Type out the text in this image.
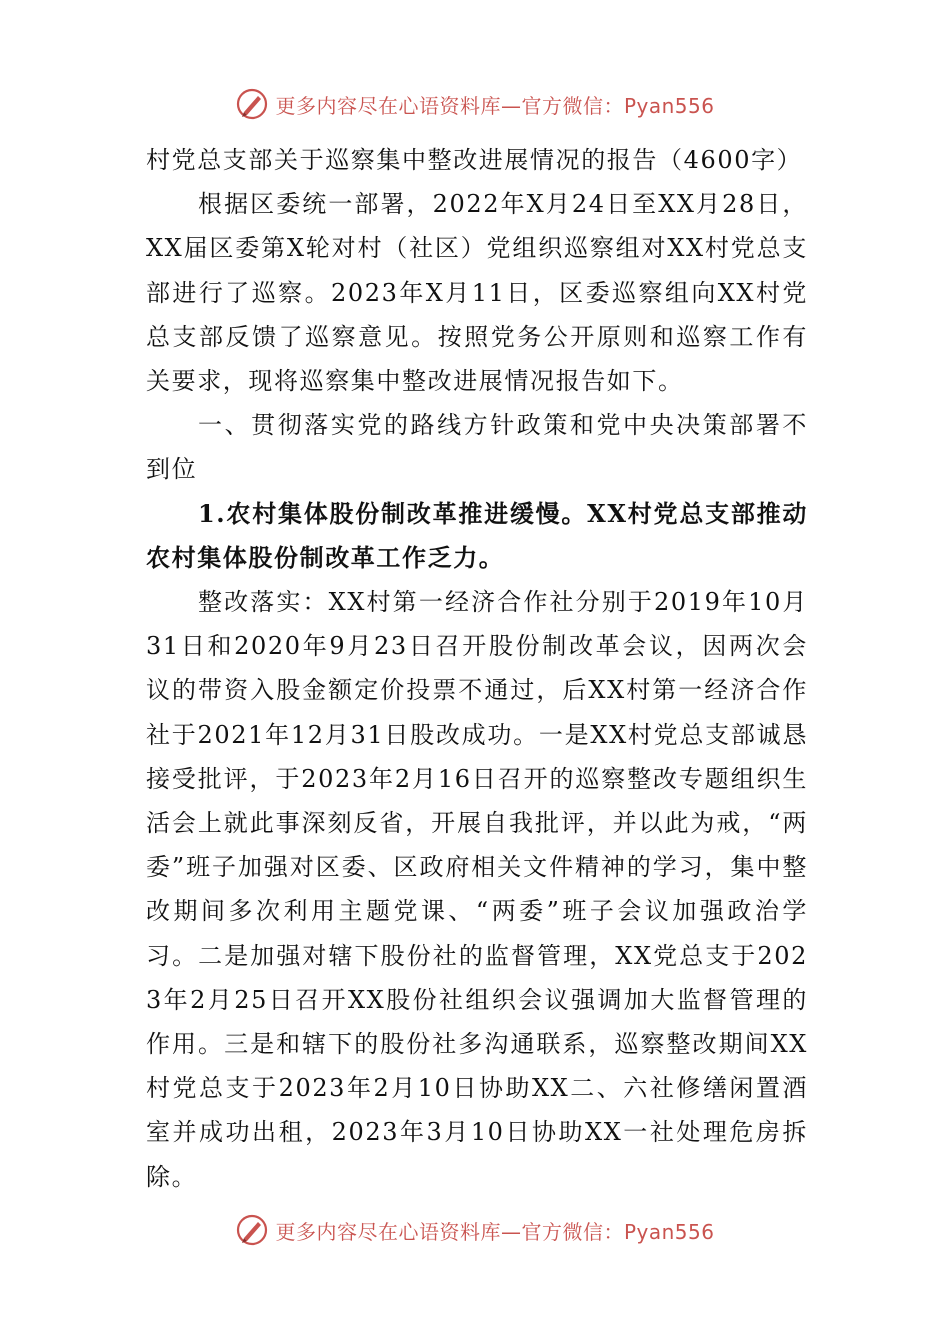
更多内容尽在心语资料库—官方微信：Pyan556

村党总支部关于巡察集中整改进展情况的报告（4600字）

根据区委统一部署，2022年X月24日至XX月28日，XX届区委第X轮对村（社区）党组织巡察组对XX村党总支部进行了巡察。2023年X月11日，区委巡察组向XX村党总支部反馈了巡察意见。按照党务公开原则和巡察工作有关要求，现将巡察集中整改进展情况报告如下。

一、贯彻落实党的路线方针政策和党中央决策部署不到位

1.农村集体股份制改革推进缓慢。XX村党总支部推动农村集体股份制改革工作乏力。

整改落实：XX村第一经济合作社分别于2019年10月31日和2020年9月23日召开股份制改革会议，因两次会议的带资入股金额定价投票不通过，后XX村第一经济合作社于2021年12月31日股改成功。一是XX村党总支部诚恳接受批评，于2023年2月16日召开的巡察整改专题组织生活会上就此事深刻反省，开展自我批评，并以此为戒，“两委”班子加强对区委、区政府相关文件精神的学习，集中整改期间多次利用主题党课、“两委”班子会议加强政治学习。二是加强对辖下股份社的监督管理，XX党总支于2023年2月25日召开XX股份社组织会议强调加大监督管理的作用。三是和辖下的股份社多沟通联系，巡察整改期间XX村党总支于2023年2月10日协助XX二、六社修缮闲置酒室并成功出租，2023年3月10日协助XX一社处理危房拆除。

更多内容尽在心语资料库—官方微信：Pyan556
